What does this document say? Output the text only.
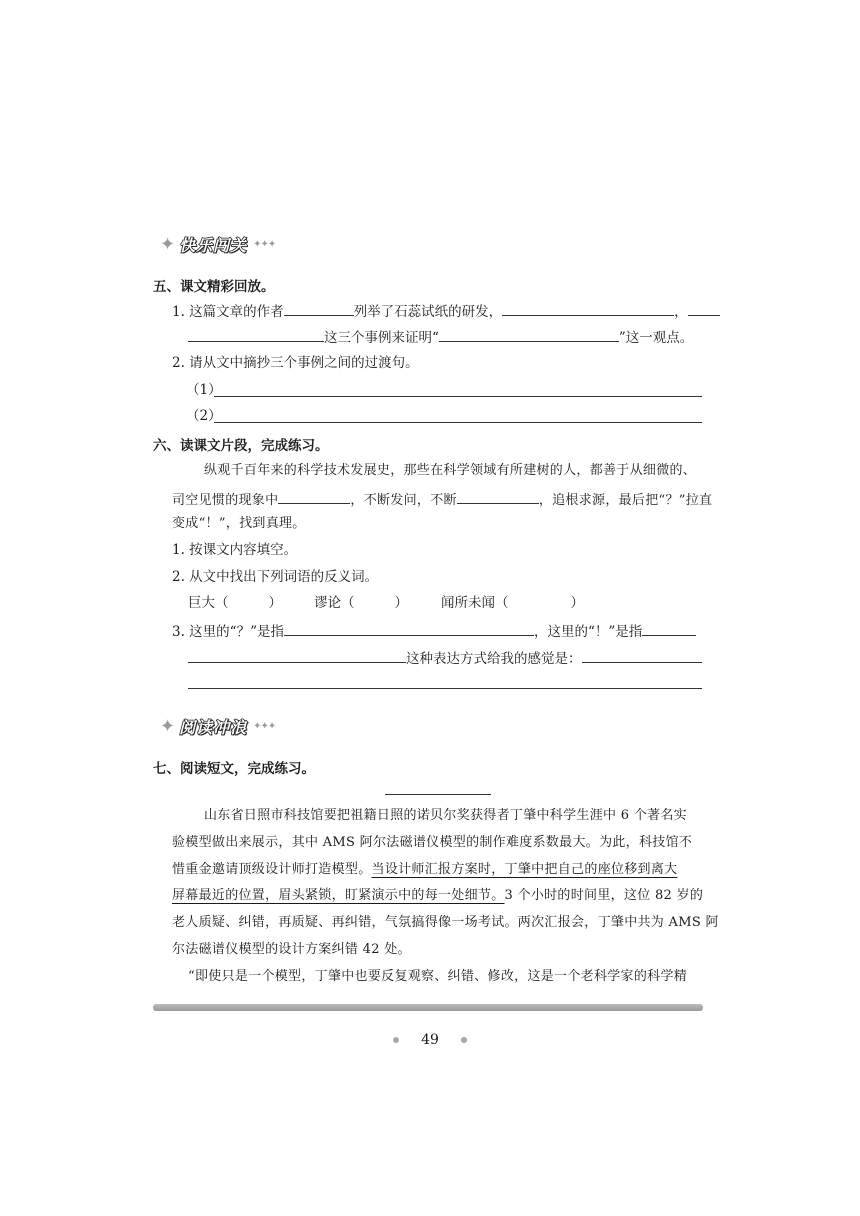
✦ 快乐闯关 ✦✦✦
五、课文精彩回放。
1. 这篇文章的作者	列举了石蕊试纸的研发，	，
这三个事例来证明“	”这一观点。
2. 请从文中摘抄三个事例之间的过渡句。
（1）
（2）
六、读课文片段，完成练习。
纵观千百年来的科学技术发展史，那些在科学领域有所建树的人，都善于从细微的、
司空见惯的现象中	，不断发问，不断	，追根求源，最后把“？”拉直
变成“！”，找到真理。
1. 按课文内容填空。
2. 从文中找出下列词语的反义词。
巨大（	） 谬论（	） 闻所未闻（	）
3. 这里的“？”是指	，这里的“！”是指
这种表达方式给我的感觉是：
✦ 阅读冲浪 ✦✦✦
七、阅读短文，完成练习。
山东省日照市科技馆要把祖籍日照的诺贝尔奖获得者丁肇中科学生涯中 6 个著名实
验模型做出来展示，其中 AMS 阿尔法磁谱仪模型的制作难度系数最大。为此，科技馆不
惜重金邀请顶级设计师打造模型。当设计师汇报方案时，丁肇中把自己的座位移到离大
屏幕最近的位置，眉头紧锁，盯紧演示中的每一处细节。3 个小时的时间里，这位 82 岁的
老人质疑、纠错，再质疑、再纠错，气氛搞得像一场考试。两次汇报会，丁肇中共为 AMS 阿
尔法磁谱仪模型的设计方案纠错 42 处。
“即使只是一个模型，丁肇中也要反复观察、纠错、修改，这是一个老科学家的科学精
49
